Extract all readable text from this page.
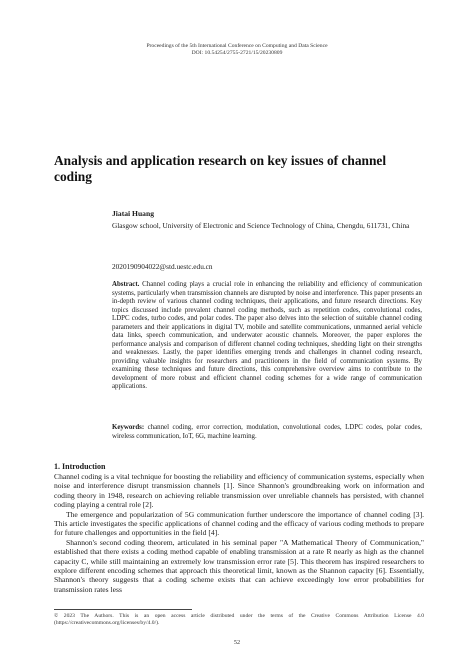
Proceedings of the 5th International Conference on Computing and Data Science
DOI: 10.54254/2755-2721/15/20230809
Analysis and application research on key issues of channel coding
Jiatai Huang
Glasgow school, University of Electronic and Science Technology of China, Chengdu, 611731, China
2020190904022@std.uestc.edu.cn
Abstract. Channel coding plays a crucial role in enhancing the reliability and efficiency of communication systems, particularly when transmission channels are disrupted by noise and interference. This paper presents an in-depth review of various channel coding techniques, their applications, and future research directions. Key topics discussed include prevalent channel coding methods, such as repetition codes, convolutional codes, LDPC codes, turbo codes, and polar codes. The paper also delves into the selection of suitable channel coding parameters and their applications in digital TV, mobile and satellite communications, unmanned aerial vehicle data links, speech communication, and underwater acoustic channels. Moreover, the paper explores the performance analysis and comparison of different channel coding techniques, shedding light on their strengths and weaknesses. Lastly, the paper identifies emerging trends and challenges in channel coding research, providing valuable insights for researchers and practitioners in the field of communication systems. By examining these techniques and future directions, this comprehensive overview aims to contribute to the development of more robust and efficient channel coding schemes for a wide range of communication applications.
Keywords: channel coding, error correction, modulation, convolutional codes, LDPC codes, polar codes, wireless communication, IoT, 6G, machine learning.
1. Introduction

Channel coding is a vital technique for boosting the reliability and efficiency of communication systems, especially when noise and interference disrupt transmission channels [1]. Since Shannon's groundbreaking work on information and coding theory in 1948, research on achieving reliable transmission over unreliable channels has persisted, with channel coding playing a central role [2].

The emergence and popularization of 5G communication further underscore the importance of channel coding [3]. This article investigates the specific applications of channel coding and the efficacy of various coding methods to prepare for future challenges and opportunities in the field [4].

Shannon's second coding theorem, articulated in his seminal paper "A Mathematical Theory of Communication," established that there exists a coding method capable of enabling transmission at a rate R nearly as high as the channel capacity C, while still maintaining an extremely low transmission error rate [5]. This theorem has inspired researchers to explore different encoding schemes that approach this theoretical limit, known as the Shannon capacity [6]. Essentially, Shannon's theory suggests that a coding scheme exists that can achieve exceedingly low error probabilities for transmission rates less

© 2023 The Authors. This is an open access article distributed under the terms of the Creative Commons Attribution License 4.0 (https://creativecommons.org/licenses/by/4.0/).
52
